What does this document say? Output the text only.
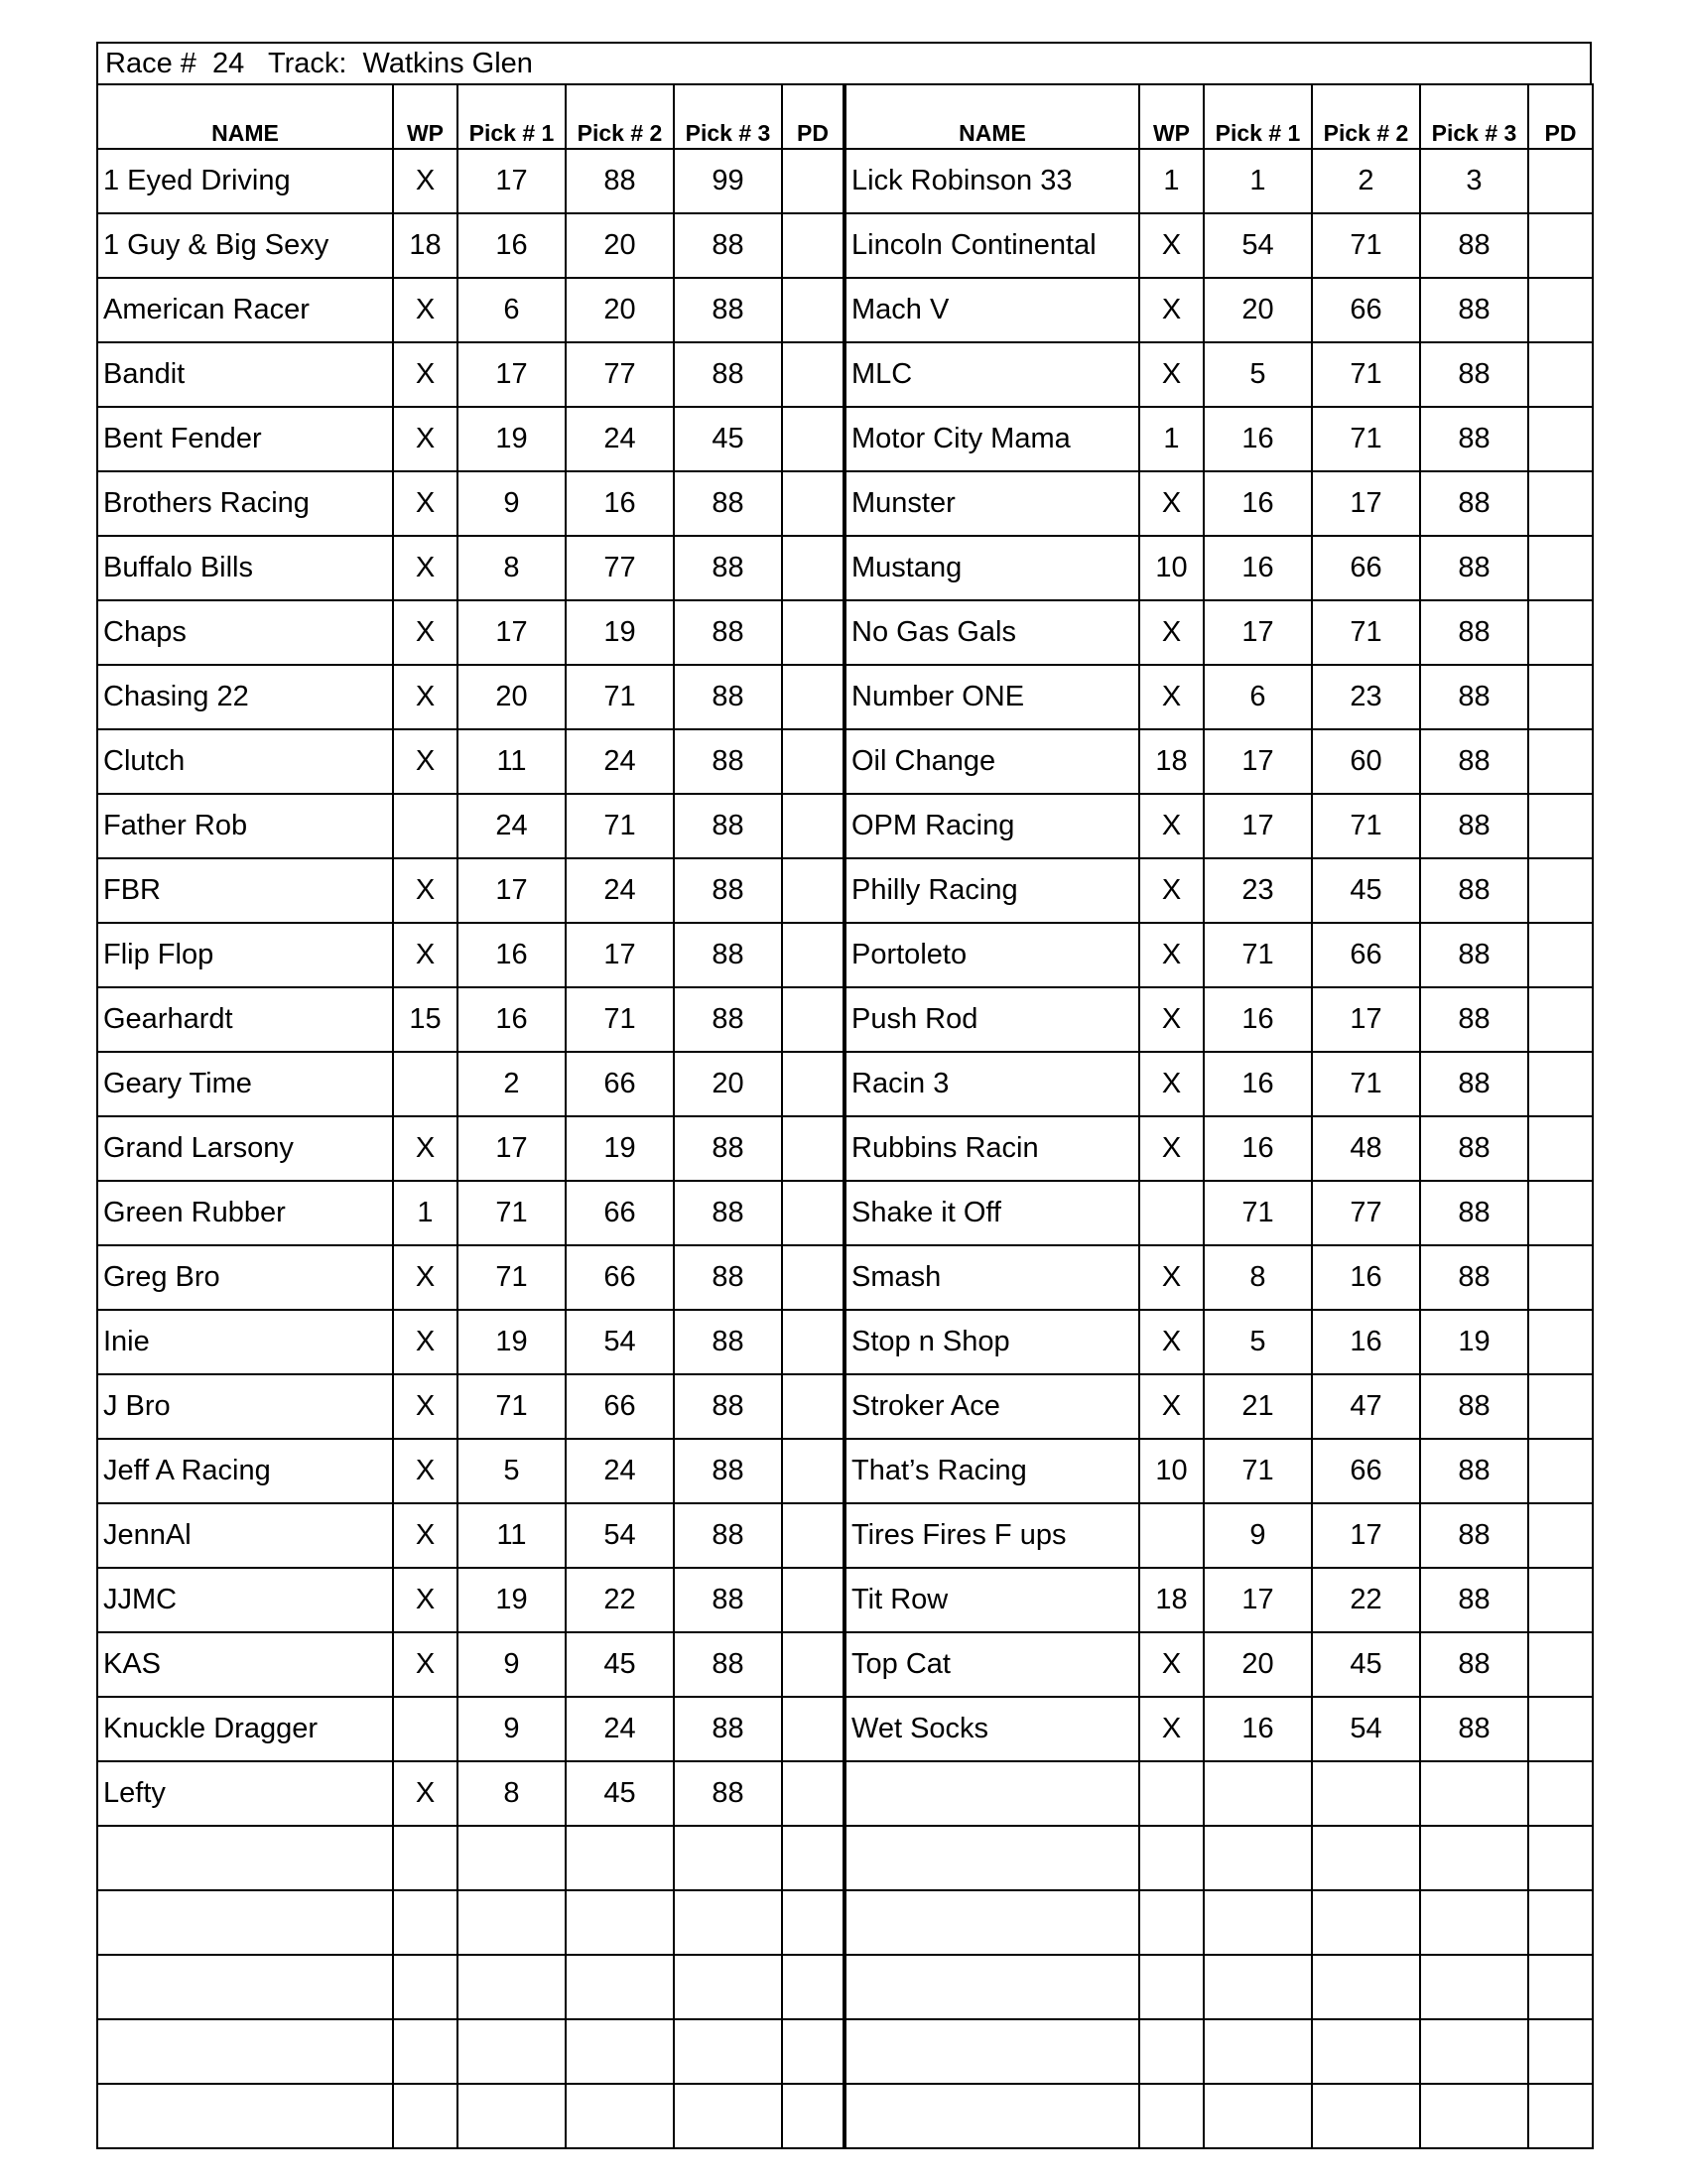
Race # 24 Track: Watkins Glen
NAME	WP	Pick # 1	Pick # 2	Pick # 3	PD	NAME	WP	Pick # 1	Pick # 2	Pick # 3	PD
1 Eyed Driving	X	17	88	99		Lick Robinson 33	1	1	2	3	
1 Guy & Big Sexy	18	16	20	88		Lincoln Continental	X	54	71	88	
American Racer	X	6	20	88		Mach V	X	20	66	88	
Bandit	X	17	77	88		MLC	X	5	71	88	
Bent Fender	X	19	24	45		Motor City Mama	1	16	71	88	
Brothers Racing	X	9	16	88		Munster	X	16	17	88	
Buffalo Bills	X	8	77	88		Mustang	10	16	66	88	
Chaps	X	17	19	88		No Gas Gals	X	17	71	88	
Chasing 22	X	20	71	88		Number ONE	X	6	23	88	
Clutch	X	11	24	88		Oil Change	18	17	60	88	
Father Rob		24	71	88		OPM Racing	X	17	71	88	
FBR	X	17	24	88		Philly Racing	X	23	45	88	
Flip Flop	X	16	17	88		Portoleto	X	71	66	88	
Gearhardt	15	16	71	88		Push Rod	X	16	17	88	
Geary Time		2	66	20		Racin 3	X	16	71	88	
Grand Larsony	X	17	19	88		Rubbins Racin	X	16	48	88	
Green Rubber	1	71	66	88		Shake it Off		71	77	88	
Greg Bro	X	71	66	88		Smash	X	8	16	88	
Inie	X	19	54	88		Stop n Shop	X	5	16	19	
J Bro	X	71	66	88		Stroker Ace	X	21	47	88	
Jeff A Racing	X	5	24	88		That’s Racing	10	71	66	88	
JennAl	X	11	54	88		Tires Fires F ups		9	17	88	
JJMC	X	19	22	88		Tit Row	18	17	22	88	
KAS	X	9	45	88		Top Cat	X	20	45	88	
Knuckle Dragger		9	24	88		Wet Socks	X	16	54	88	
Lefty	X	8	45	88							
